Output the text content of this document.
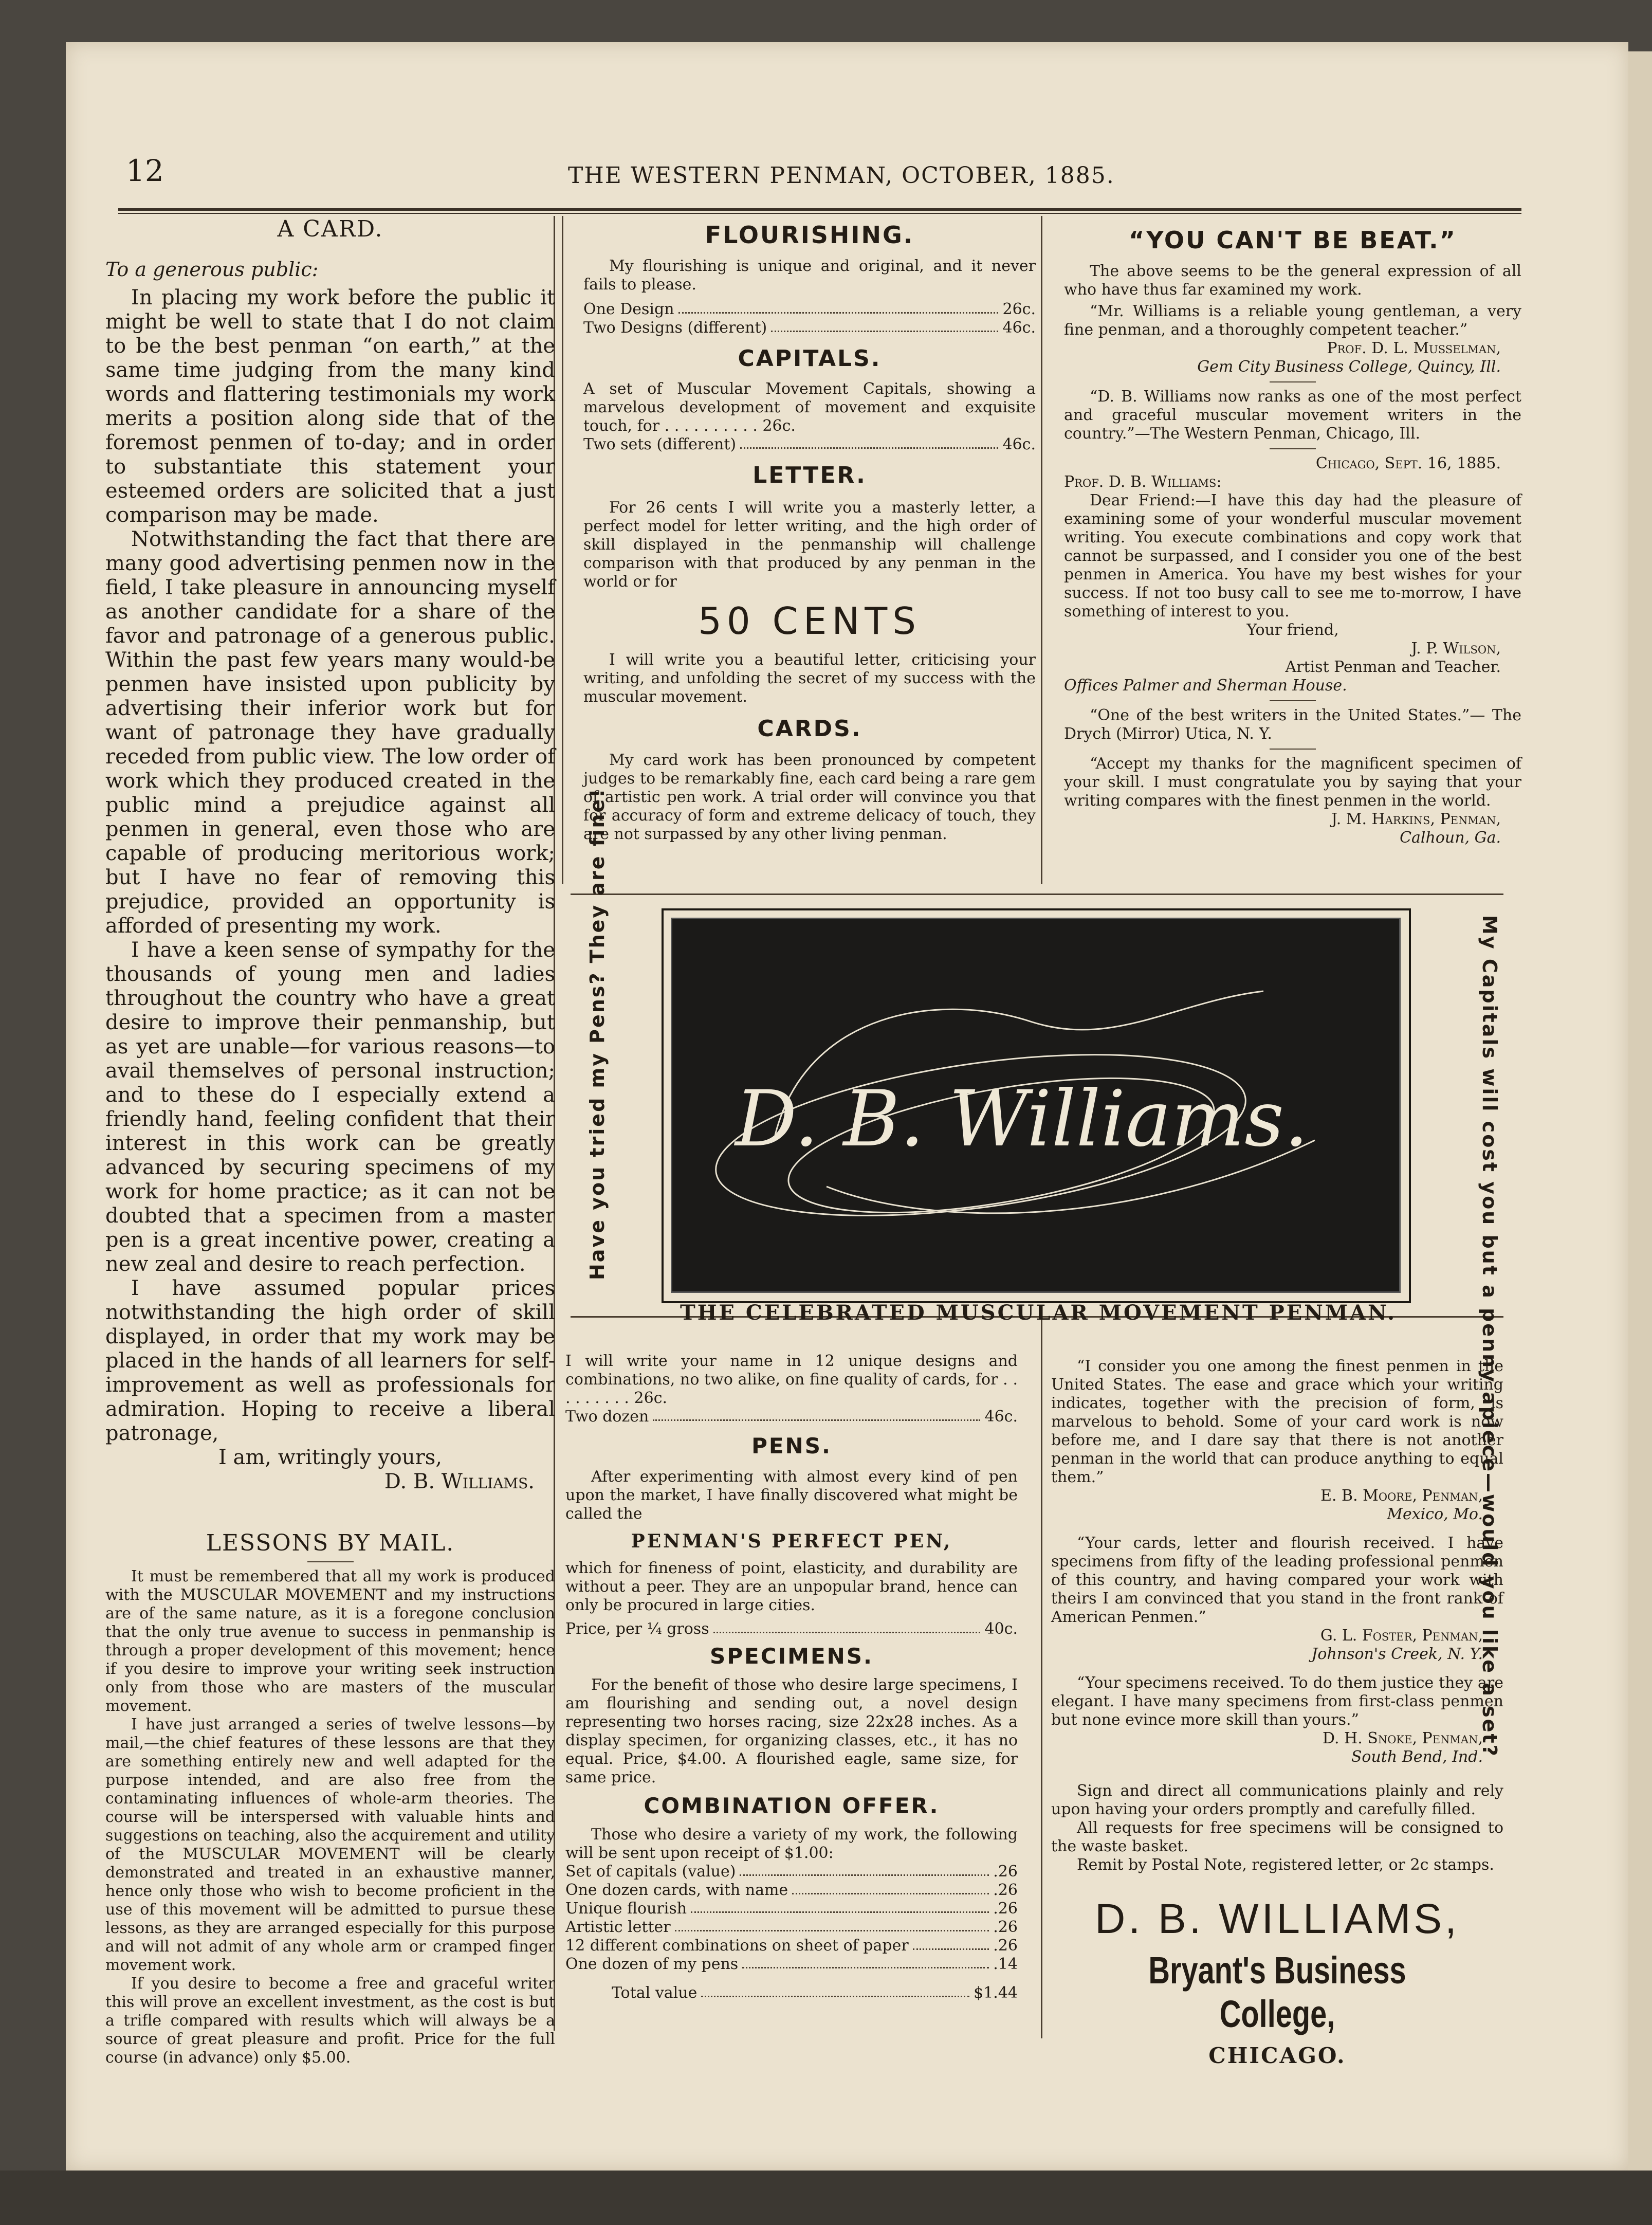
12	THE WESTERN PENMAN, OCTOBER, 1885.
A CARD.
To a generous public:

In placing my work before the public it might be well to state that I do not claim to be the best penman “on earth,” at the same time judging from the many kind words and flattering testimonials my work merits a position along side that of the foremost penmen of to-day; and in order to substantiate this statement your esteemed orders are solicited that a just comparison may be made.

Notwithstanding the fact that there are many good advertising penmen now in the field, I take pleasure in announcing myself as another candidate for a share of the favor and patronage of a generous public. Within the past few years many would-be penmen have insisted upon publicity by advertising their inferior work but for want of patronage they have gradually receded from public view. The low order of work which they produced created in the public mind a prejudice against all penmen in general, even those who are capable of producing meritorious work; but I have no fear of removing this prejudice, provided an opportunity is afforded of presenting my work.

I have a keen sense of sympathy for the thousands of young men and ladies throughout the country who have a great desire to improve their penmanship, but as yet are unable—for various reasons—to avail themselves of personal instruction; and to these do I especially extend a friendly hand, feeling confident that their interest in this work can be greatly advanced by securing specimens of my work for home practice; as it can not be doubted that a specimen from a master pen is a great incentive power, creating a new zeal and desire to reach perfection.

I have assumed popular prices notwithstanding the high order of skill displayed, in order that my work may be placed in the hands of all learners for self-improvement as well as professionals for admiration. Hoping to receive a liberal patronage,

I am, writingly yours,
D. B. Williams.
LESSONS BY MAIL.

It must be remembered that all my work is produced with the MUSCULAR MOVEMENT and my instructions are of the same nature, as it is a foregone conclusion that the only true avenue to success in penmanship is through a proper development of this movement; hence if you desire to improve your writing seek instruction only from those who are masters of the muscular movement.

I have just arranged a series of twelve lessons—by mail,—the chief features of these lessons are that they are something entirely new and well adapted for the purpose intended, and are also free from the contaminating influences of whole-arm theories. The course will be interspersed with valuable hints and suggestions on teaching, also the acquirement and utility of the MUSCULAR MOVEMENT will be clearly demonstrated and treated in an exhaustive manner, hence only those who wish to become proficient in the use of this movement will be admitted to pursue these lessons, as they are arranged especially for this purpose and will not admit of any whole arm or cramped finger movement work.

If you desire to become a free and graceful writer this will prove an excellent investment, as the cost is but a trifle compared with results which will always be a source of great pleasure and profit. Price for the full course (in advance) only $5.00.

FLOURISHING.

My flourishing is unique and original, and it never fails to please.

One Design	26c.
Two Designs (different)	46c.
CAPITALS.
A set of Muscular Movement Capitals, showing a marvelous development of movement and exquisite touch, for . . . . . . . . . . 26c.
Two sets (different)	46c.
LETTER.

For 26 cents I will write you a masterly letter, a perfect model for letter writing, and the high order of skill displayed in the penmanship will challenge comparison with that produced by any penman in the world or for

50 CENTS

I will write you a beautiful letter, criticising your writing, and unfolding the secret of my success with the muscular movement.

CARDS.

My card work has been pronounced by competent judges to be remarkably fine, each card being a rare gem of artistic pen work. A trial order will convince you that for accuracy of form and extreme delicacy of touch, they are not surpassed by any other living penman.

“YOU CAN'T BE BEAT.”

The above seems to be the general expression of all who have thus far examined my work.

“Mr. Williams is a reliable young gentleman, a very fine penman, and a thoroughly competent teacher.”

Prof. D. L. Musselman,
Gem City Business College, Quincy, Ill.

“D. B. Williams now ranks as one of the most perfect and graceful muscular movement writers in the country.”—The Western Penman, Chicago, Ill.

Chicago, Sept. 16, 1885.
Prof. D. B. Williams:

Dear Friend:—I have this day had the pleasure of examining some of your wonderful muscular movement writing. You execute combinations and copy work that cannot be surpassed, and I consider you one of the best penmen in America. You have my best wishes for your success. If not too busy call to see me to-morrow, I have something of interest to you.

Your friend,
J. P. Wilson,
Artist Penman and Teacher.
Offices Palmer and Sherman House.

“One of the best writers in the United States.”— The Drych (Mirror) Utica, N. Y.

“Accept my thanks for the magnificent specimen of your skill. I must congratulate you by saying that your writing compares with the finest penmen in the world.

J. M. Harkins, Penman,
Calhoun, Ga.
D. B. Williams.
Have you tried my Pens? They are fine!	My Capitals will cost you but a penny apiece—would you like a set?
THE CELEBRATED MUSCULAR MOVEMENT PENMAN.
I will write your name in 12 unique designs and combinations, no two alike, on fine quality of cards, for . . . . . . . . . 26c.
Two dozen	46c.
PENS.

After experimenting with almost every kind of pen upon the market, I have finally discovered what might be called the

PENMAN'S PERFECT PEN,

which for fineness of point, elasticity, and durability are without a peer. They are an unpopular brand, hence can only be procured in large cities.

Price, per ¼ gross	40c.
SPECIMENS.

For the benefit of those who desire large specimens, I am flourishing and sending out, a novel design representing two horses racing, size 22x28 inches. As a display specimen, for organizing classes, etc., it has no equal. Price, $4.00. A flourished eagle, same size, for same price.

COMBINATION OFFER.

Those who desire a variety of my work, the following will be sent upon receipt of $1.00:

Set of capitals (value)	.26
One dozen cards, with name	.26
Unique flourish	.26
Artistic letter	.26
12 different combinations on sheet of paper	.26
One dozen of my pens	.14
Total value	$1.44

“I consider you one among the finest penmen in the United States. The ease and grace which your writing indicates, together with the precision of form, is marvelous to behold. Some of your card work is now before me, and I dare say that there is not another penman in the world that can produce anything to equal them.”

E. B. Moore, Penman,
Mexico, Mo.

“Your cards, letter and flourish received. I have specimens from fifty of the leading professional penmen of this country, and having compared your work with theirs I am convinced that you stand in the front rank of American Penmen.”

G. L. Foster, Penman,
Johnson's Creek, N. Y.

“Your specimens received. To do them justice they are elegant. I have many specimens from first-class penmen but none evince more skill than yours.”

D. H. Snoke, Penman,
South Bend, Ind.

Sign and direct all communications plainly and rely upon having your orders promptly and carefully filled.

All requests for free specimens will be consigned to the waste basket.

Remit by Postal Note, registered letter, or 2c stamps.

D. B. WILLIAMS,
Bryant's Business College,
CHICAGO.
